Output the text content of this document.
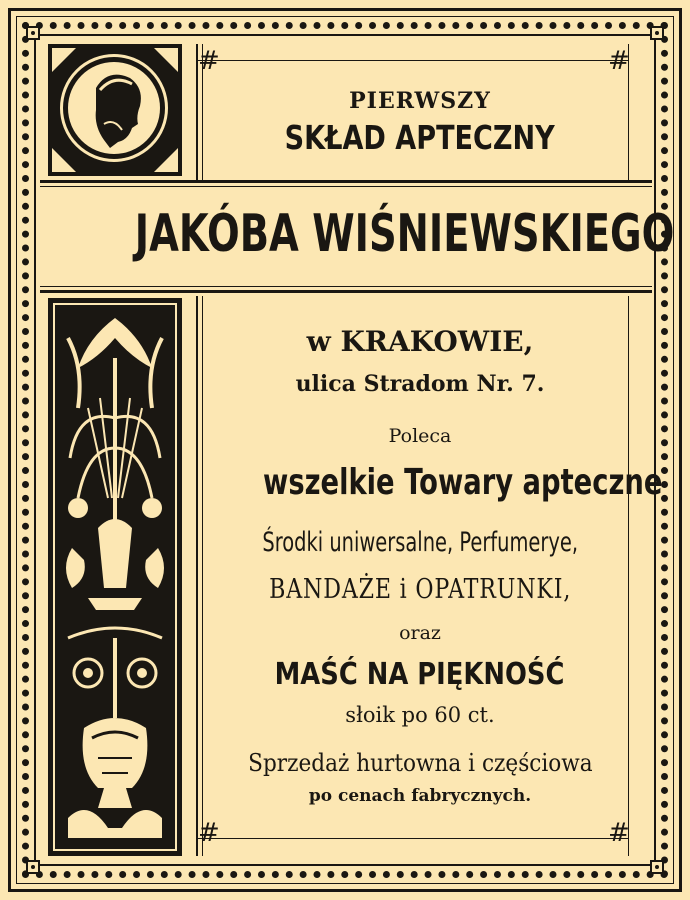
#	#
#	#
PIERWSZY
SKŁAD APTECZNY
JAKÓBA WIŚNIEWSKIEGO
w KRAKOWIE,
ulica Stradom Nr. 7.
Poleca
wszelkie Towary apteczne
Środki uniwersalne, Perfumerye,
BANDAŻE i OPATRUNKI,
oraz
MAŚĆ NA PIĘKNOŚĆ
słoik po 60 ct.
Sprzedaż hurtowna i częściowa
po cenach fabrycznych.
